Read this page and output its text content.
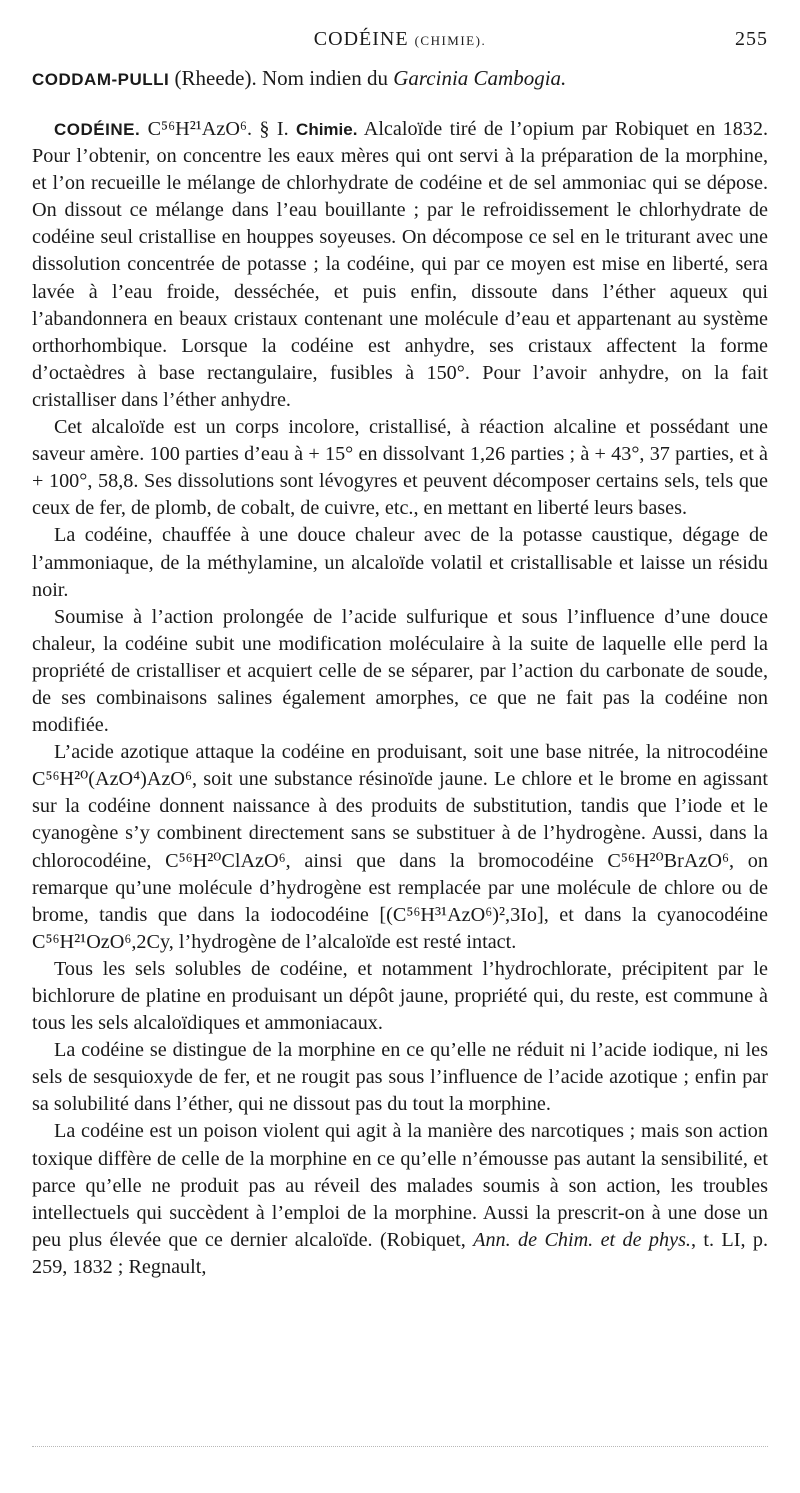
CODÉINE (CHIMIE).	255
CODDAM-PULLI (Rheede). Nom indien du Garcinia Cambogia.

CODÉINE. C⁵⁶H²¹AzO⁶. § I. Chimie. Alcaloïde tiré de l’opium par Robiquet en 1832. Pour l’obtenir, on concentre les eaux mères qui ont servi à la préparation de la morphine, et l’on recueille le mélange de chlorhydrate de codéine et de sel ammoniac qui se dépose. On dissout ce mélange dans l’eau bouillante ; par le refroidissement le chlorhydrate de codéine seul cristallise en houppes soyeuses. On décompose ce sel en le triturant avec une dissolution concentrée de potasse ; la codéine, qui par ce moyen est mise en liberté, sera lavée à l’eau froide, desséchée, et puis enfin, dissoute dans l’éther aqueux qui l’abandonnera en beaux cristaux contenant une molécule d’eau et appartenant au système orthorhombique. Lorsque la codéine est anhydre, ses cristaux affectent la forme d’octaèdres à base rectangulaire, fusibles à 150°. Pour l’avoir anhydre, on la fait cristalliser dans l’éther anhydre.

Cet alcaloïde est un corps incolore, cristallisé, à réaction alcaline et possédant une saveur amère. 100 parties d’eau à + 15° en dissolvant 1,26 parties ; à + 43°, 37 parties, et à + 100°, 58,8. Ses dissolutions sont lévogyres et peuvent décomposer certains sels, tels que ceux de fer, de plomb, de cobalt, de cuivre, etc., en mettant en liberté leurs bases.

La codéine, chauffée à une douce chaleur avec de la potasse caustique, dégage de l’ammoniaque, de la méthylamine, un alcaloïde volatil et cristallisable et laisse un résidu noir.

Soumise à l’action prolongée de l’acide sulfurique et sous l’influence d’une douce chaleur, la codéine subit une modification moléculaire à la suite de laquelle elle perd la propriété de cristalliser et acquiert celle de se séparer, par l’action du carbonate de soude, de ses combinaisons salines également amorphes, ce que ne fait pas la codéine non modifiée.

L’acide azotique attaque la codéine en produisant, soit une base nitrée, la nitrocodéine C⁵⁶H²⁰(AzO⁴)AzO⁶, soit une substance résinoïde jaune. Le chlore et le brome en agissant sur la codéine donnent naissance à des produits de substitution, tandis que l’iode et le cyanogène s’y combinent directement sans se substituer à de l’hydrogène. Aussi, dans la chlorocodéine, C⁵⁶H²⁰ClAzO⁶, ainsi que dans la bromocodéine C⁵⁶H²⁰BrAzO⁶, on remarque qu’une molécule d’hydrogène est remplacée par une molécule de chlore ou de brome, tandis que dans la iodocodéine [(C⁵⁶H³¹AzO⁶)²,3Io], et dans la cyanocodéine C⁵⁶H²¹OzO⁶,2Cy, l’hydrogène de l’alcaloïde est resté intact.

Tous les sels solubles de codéine, et notamment l’hydrochlorate, précipitent par le bichlorure de platine en produisant un dépôt jaune, propriété qui, du reste, est commune à tous les sels alcaloïdiques et ammoniacaux.

La codéine se distingue de la morphine en ce qu’elle ne réduit ni l’acide iodique, ni les sels de sesquioxyde de fer, et ne rougit pas sous l’influence de l’acide azotique ; enfin par sa solubilité dans l’éther, qui ne dissout pas du tout la morphine.

La codéine est un poison violent qui agit à la manière des narcotiques ; mais son action toxique diffère de celle de la morphine en ce qu’elle n’émousse pas autant la sensibilité, et parce qu’elle ne produit pas au réveil des malades soumis à son action, les troubles intellectuels qui succèdent à l’emploi de la morphine. Aussi la prescrit-on à une dose un peu plus élevée que ce dernier alcaloïde. (Robiquet, Ann. de Chim. et de phys., t. LI, p. 259, 1832 ; Regnault,
